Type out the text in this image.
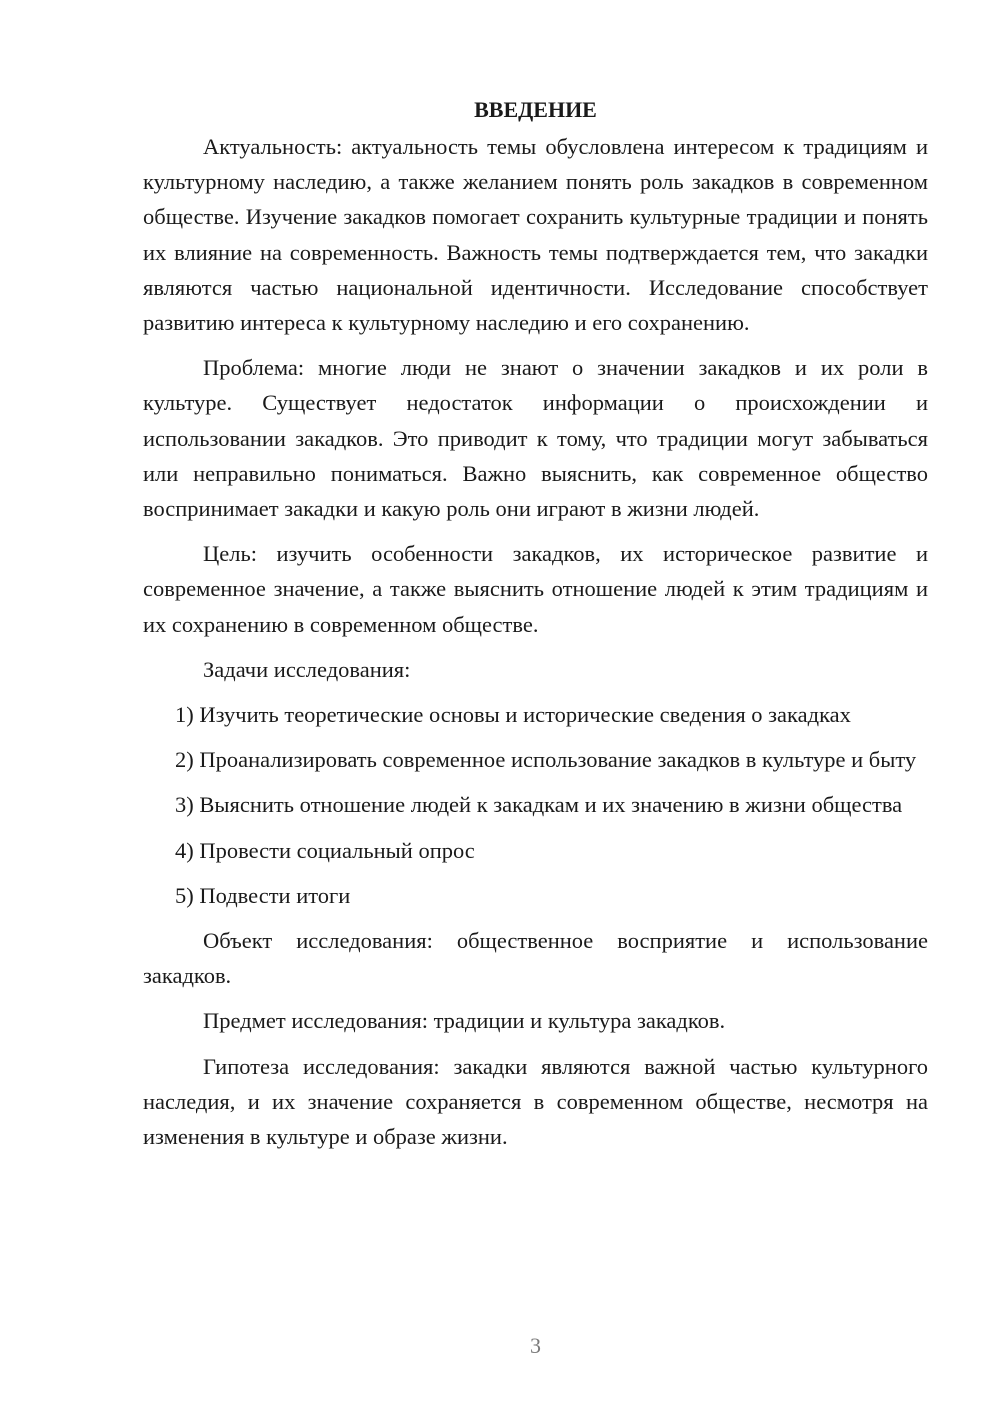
ВВЕДЕНИЕ

Актуальность: актуальность темы обусловлена интересом к традициям и культурному наследию, а также желанием понять роль закадков в современном обществе. Изучение закадков помогает сохранить культурные традиции и понять их влияние на современность. Важность темы подтверждается тем, что закадки являются частью национальной идентичности. Исследование способствует развитию интереса к культурному наследию и его сохранению.

Проблема: многие люди не знают о значении закадков и их роли в культуре. Существует недостаток информации о происхождении и использовании закадков. Это приводит к тому, что традиции могут забываться или неправильно пониматься. Важно выяснить, как современное общество воспринимает закадки и какую роль они играют в жизни людей.

Цель: изучить особенности закадков, их историческое развитие и современное значение, а также выяснить отношение людей к этим традициям и их сохранению в современном обществе.

Задачи исследования:

1) Изучить теоретические основы и исторические сведения о закадках

2) Проанализировать современное использование закадков в культуре и быту

3) Выяснить отношение людей к закадкам и их значению в жизни общества

4) Провести социальный опрос

5) Подвести итоги

Объект исследования: общественное восприятие и использование закадков.

Предмет исследования: традиции и культура закадков.

Гипотеза исследования: закадки являются важной частью культурного наследия, и их значение сохраняется в современном обществе, несмотря на изменения в культуре и образе жизни.

3
